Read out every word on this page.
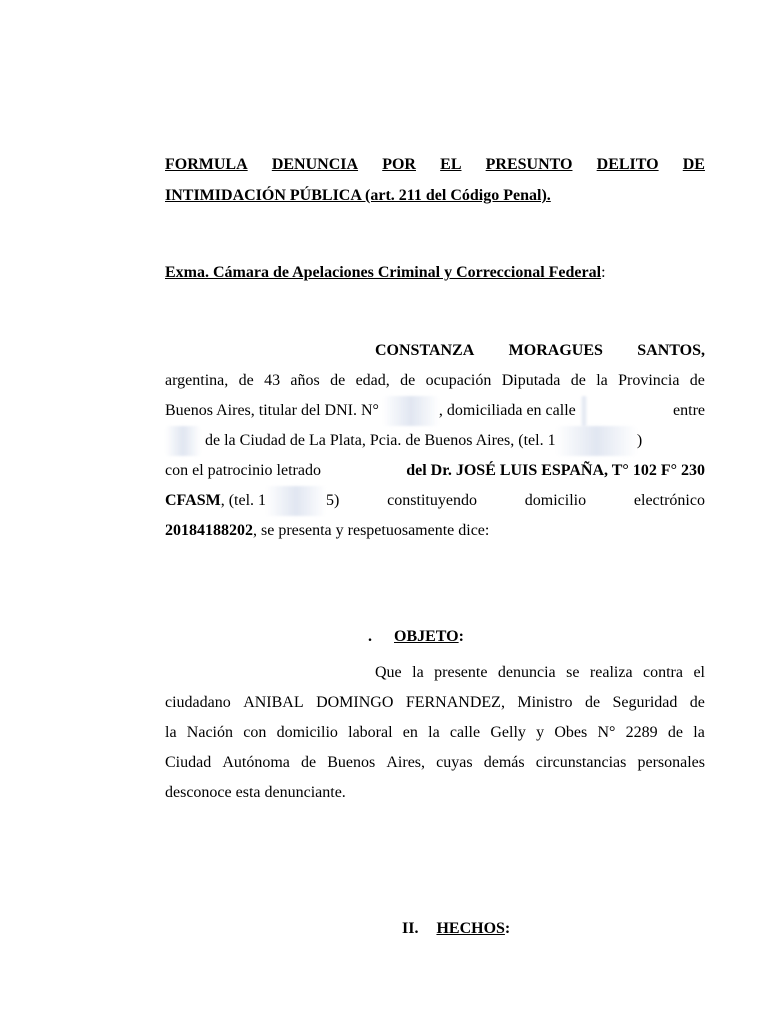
FORMULA DENUNCIA POR EL PRESUNTO DELITO DE
INTIMIDACIÓN PÚBLICA (art. 211 del Código Penal).
Exma. Cámara de Apelaciones Criminal y Correccional Federal:
CONSTANZA MORAGUES SANTOS,
argentina, de 43 años de edad, de ocupación Diputada de la Provincia de
Buenos Aires, titular del DNI. N°	, domiciliada en calle	entre
de la Ciudad de La Plata, Pcia. de Buenos Aires, (tel. 1	)
con el patrocinio letrado	del Dr. JOSÉ LUIS ESPAÑA, T° 102 F° 230
CFASM, (tel. 1	5)	constituyendo	domicilio	electrónico
20184188202, se presenta y respetuosamente dice:
. OBJETO:
Que la presente denuncia se realiza contra el
ciudadano ANIBAL DOMINGO FERNANDEZ, Ministro de Seguridad de
la Nación con domicilio laboral en la calle Gelly y Obes N° 2289 de la
Ciudad Autónoma de Buenos Aires, cuyas demás circunstancias personales
desconoce esta denunciante.
II. HECHOS:
